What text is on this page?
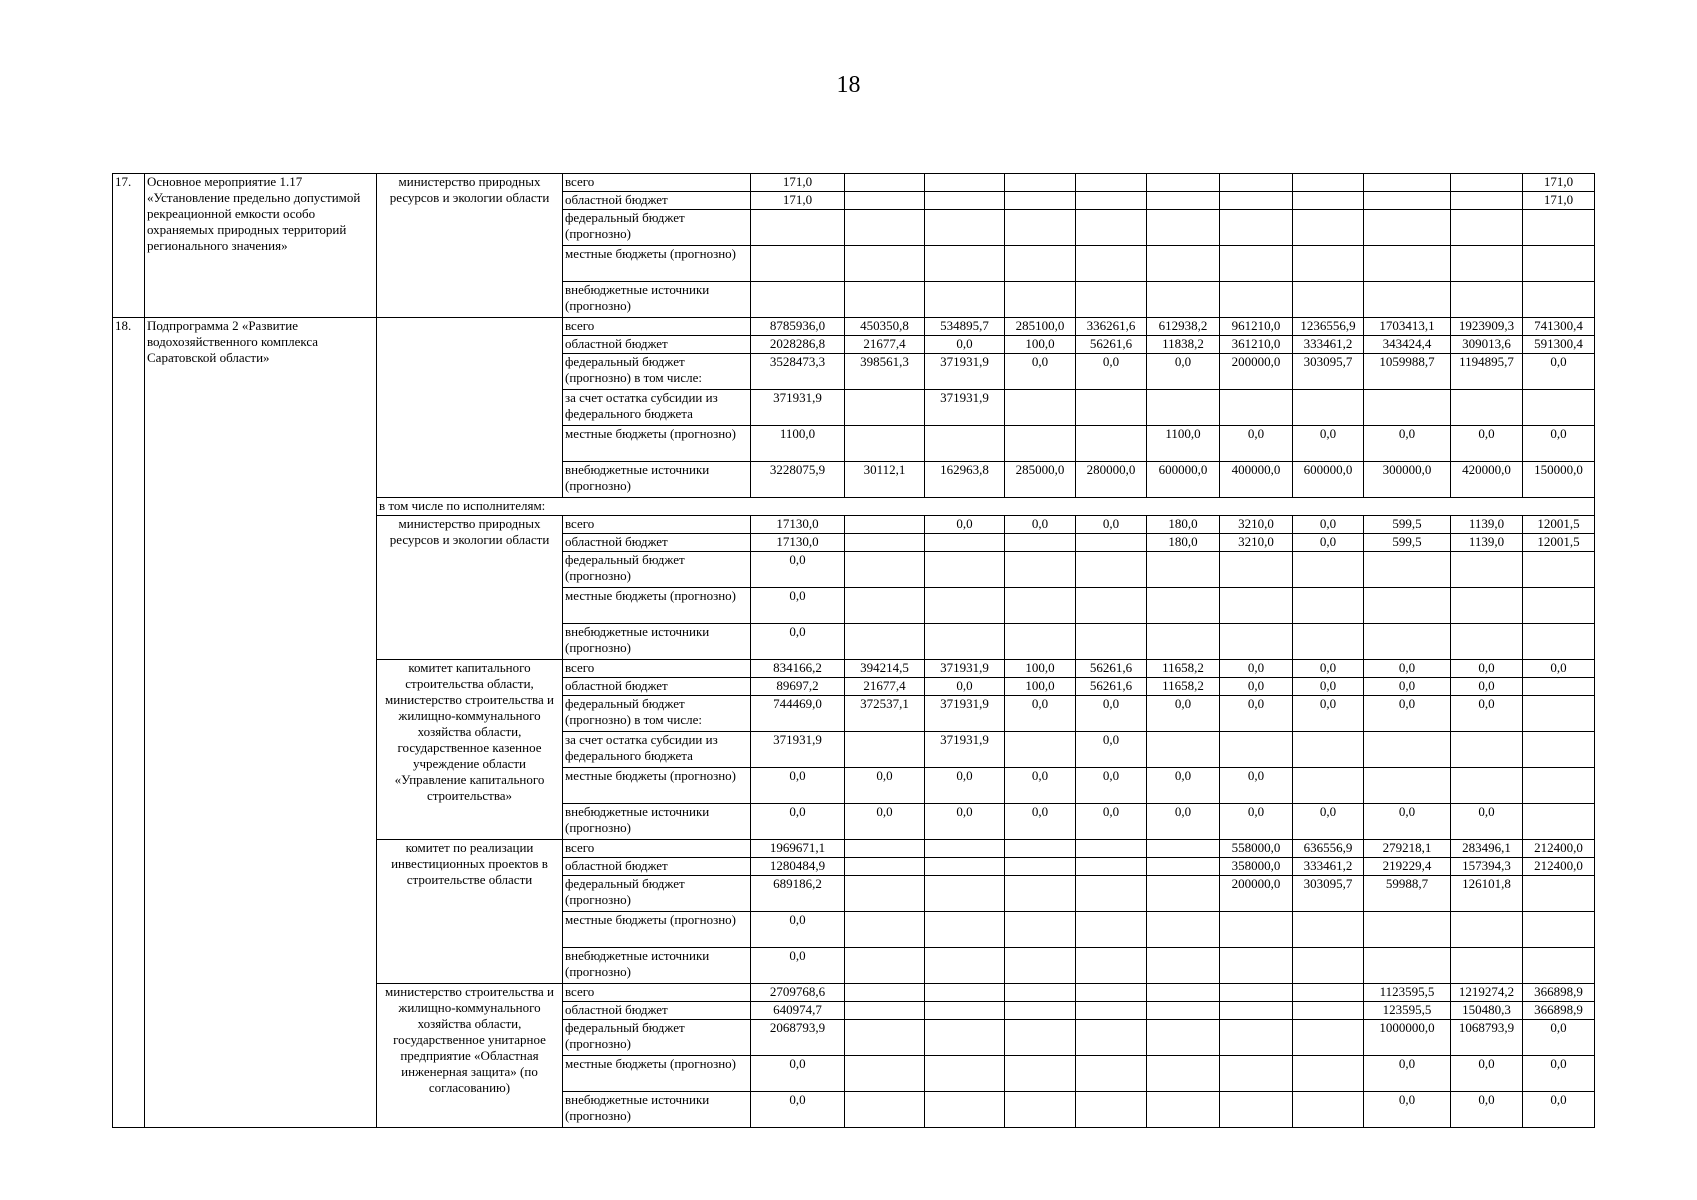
18
17.	Основное мероприятие 1.17 «Установление предельно допустимой рекреационной емкости особо охраняемых природных территорий регионального значения»	министерство природных ресурсов и экологии области	всего	171,0										171,0
			областной бюджет	171,0										171,0
			федеральный бюджет (прогнозно)											
			местные бюджеты (прогнозно)											
			внебюджетные источники (прогнозно)											
18.	Подпрограмма 2 «Развитие водохозяйственного комплекса Саратовской области»		всего	8785936,0	450350,8	534895,7	285100,0	336261,6	612938,2	961210,0	1236556,9	1703413,1	1923909,3	741300,4
			областной бюджет	2028286,8	21677,4	0,0	100,0	56261,6	11838,2	361210,0	333461,2	343424,4	309013,6	591300,4
			федеральный бюджет (прогнозно) в том числе:	3528473,3	398561,3	371931,9	0,0	0,0	0,0	200000,0	303095,7	1059988,7	1194895,7	0,0
			за счет остатка субсидии из федерального бюджета	371931,9		371931,9								
			местные бюджеты (прогнозно)	1100,0					1100,0	0,0	0,0	0,0	0,0	0,0
			внебюджетные источники (прогнозно)	3228075,9	30112,1	162963,8	285000,0	280000,0	600000,0	400000,0	600000,0	300000,0	420000,0	150000,0
		в том числе по исполнителям:												
		министерство природных ресурсов и экологии области	всего	17130,0		0,0	0,0	0,0	180,0	3210,0	0,0	599,5	1139,0	12001,5
			областной бюджет	17130,0					180,0	3210,0	0,0	599,5	1139,0	12001,5
			федеральный бюджет (прогнозно)	0,0										
			местные бюджеты (прогнозно)	0,0										
			внебюджетные источники (прогнозно)	0,0										
		комитет капитального строительства области, министерство строительства и жилищно-коммунального хозяйства области, государственное казенное учреждение области «Управление капитального строительства»	всего	834166,2	394214,5	371931,9	100,0	56261,6	11658,2	0,0	0,0	0,0	0,0	0,0
			областной бюджет	89697,2	21677,4	0,0	100,0	56261,6	11658,2	0,0	0,0	0,0	0,0	
			федеральный бюджет (прогнозно) в том числе:	744469,0	372537,1	371931,9	0,0	0,0	0,0	0,0	0,0	0,0	0,0	
			за счет остатка субсидии из федерального бюджета	371931,9		371931,9		0,0						
			местные бюджеты (прогнозно)	0,0	0,0	0,0	0,0	0,0	0,0	0,0				
			внебюджетные источники (прогнозно)	0,0	0,0	0,0	0,0	0,0	0,0	0,0	0,0	0,0	0,0	
		комитет по реализации инвестиционных проектов в строительстве области	всего	1969671,1						558000,0	636556,9	279218,1	283496,1	212400,0
			областной бюджет	1280484,9						358000,0	333461,2	219229,4	157394,3	212400,0
			федеральный бюджет (прогнозно)	689186,2						200000,0	303095,7	59988,7	126101,8	
			местные бюджеты (прогнозно)	0,0										
			внебюджетные источники (прогнозно)	0,0										
		министерство строительства и жилищно-коммунального хозяйства области, государственное унитарное предприятие «Областная инженерная защита» (по согласованию)	всего	2709768,6								1123595,5	1219274,2	366898,9
			областной бюджет	640974,7								123595,5	150480,3	366898,9
			федеральный бюджет (прогнозно)	2068793,9								1000000,0	1068793,9	0,0
			местные бюджеты (прогнозно)	0,0								0,0	0,0	0,0
			внебюджетные источники (прогнозно)	0,0								0,0	0,0	0,0
